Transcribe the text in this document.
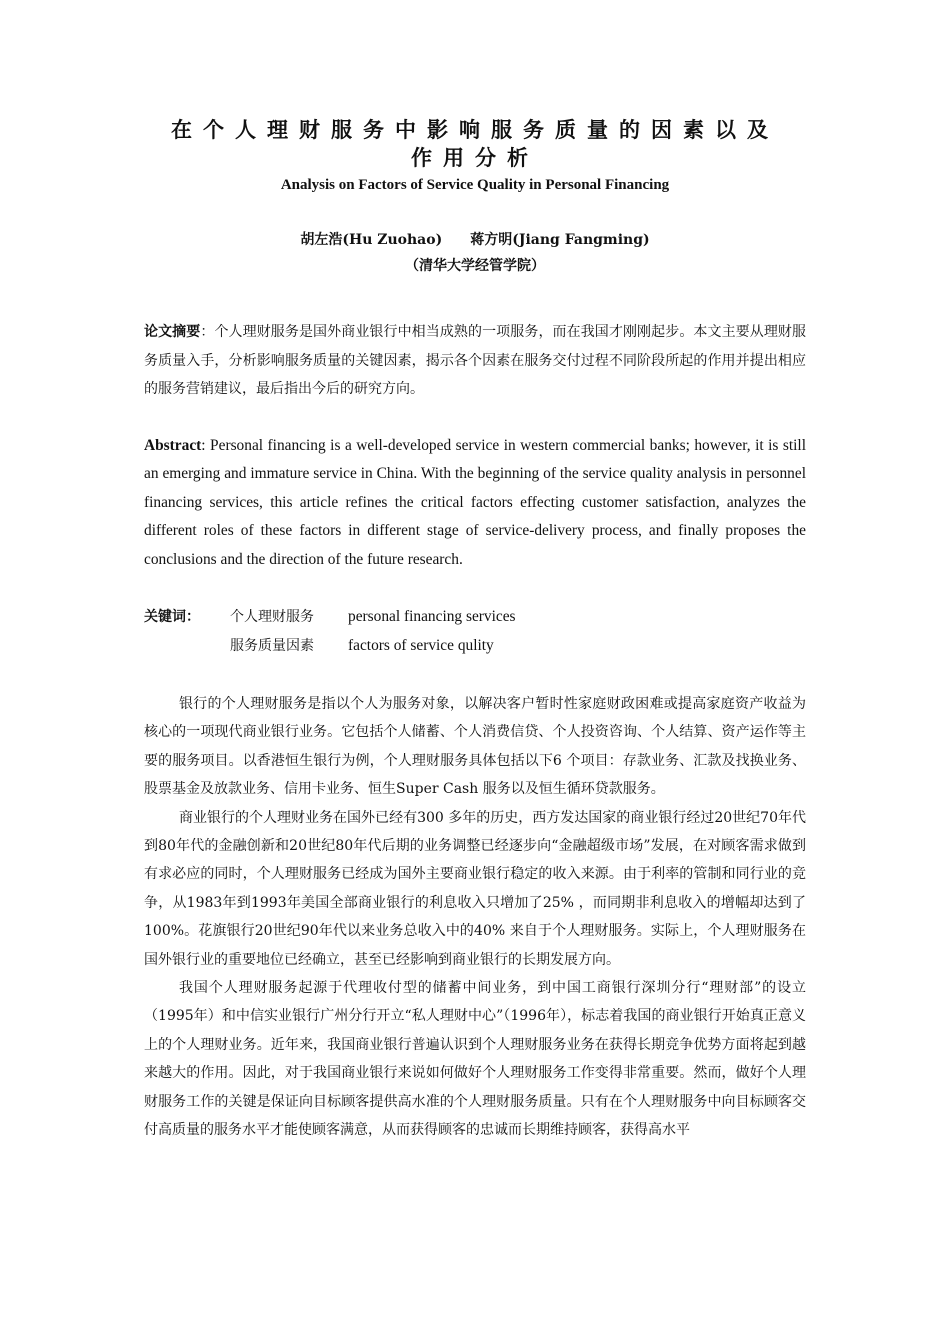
在个人理财服务中影响服务质量的因素以及
作用分析
Analysis on Factors of Service Quality in Personal Financing
胡左浩(Hu Zuohao) 蒋方明(Jiang Fangming)
（清华大学经管学院）
论文摘要：个人理财服务是国外商业银行中相当成熟的一项服务，而在我国才刚刚起步。本文主要从理财服务质量入手，分析影响服务质量的关键因素，揭示各个因素在服务交付过程不同阶段所起的作用并提出相应的服务营销建议，最后指出今后的研究方向。
Abstract: Personal financing is a well-developed service in western commercial banks; however, it is still an emerging and immature service in China. With the beginning of the service quality analysis in personnel financing services, this article refines the critical factors effecting customer satisfaction, analyzes the different roles of these factors in different stage of service-delivery process, and finally proposes the conclusions and the direction of the future research.
关键词：	个人理财服务 personal financing services
服务质量因素 factors of service qulity

银行的个人理财服务是指以个人为服务对象，以解决客户暂时性家庭财政困难或提高家庭资产收益为核心的一项现代商业银行业务。它包括个人储蓄、个人消费信贷、个人投资咨询、个人结算、资产运作等主要的服务项目。以香港恒生银行为例，个人理财服务具体包括以下6 个项目：存款业务、汇款及找换业务、股票基金及放款业务、信用卡业务、恒生Super Cash 服务以及恒生循环贷款服务。

商业银行的个人理财业务在国外已经有300 多年的历史，西方发达国家的商业银行经过20世纪70年代到80年代的金融创新和20世纪80年代后期的业务调整已经逐步向“金融超级市场”发展，在对顾客需求做到有求必应的同时，个人理财服务已经成为国外主要商业银行稳定的收入来源。由于利率的管制和同行业的竞争，从1983年到1993年美国全部商业银行的利息收入只增加了25% ，而同期非利息收入的增幅却达到了100%。花旗银行20世纪90年代以来业务总收入中的40% 来自于个人理财服务。实际上，个人理财服务在国外银行业的重要地位已经确立，甚至已经影响到商业银行的长期发展方向。

我国个人理财服务起源于代理收付型的储蓄中间业务，到中国工商银行深圳分行“理财部”的设立（1995年）和中信实业银行广州分行开立“私人理财中心”（1996年），标志着我国的商业银行开始真正意义上的个人理财业务。近年来，我国商业银行普遍认识到个人理财服务业务在获得长期竞争优势方面将起到越来越大的作用。因此，对于我国商业银行来说如何做好个人理财服务工作变得非常重要。然而，做好个人理财服务工作的关键是保证向目标顾客提供高水准的个人理财服务质量。只有在个人理财服务中向目标顾客交付高质量的服务水平才能使顾客满意，从而获得顾客的忠诚而长期维持顾客，获得高水平
